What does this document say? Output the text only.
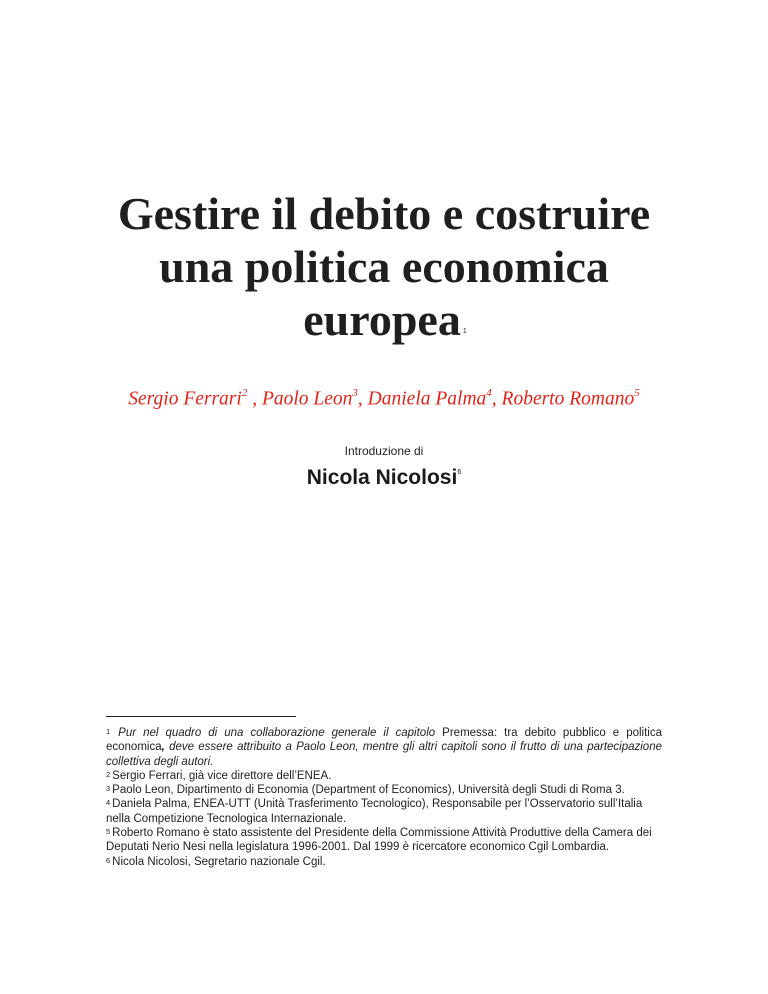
Gestire il debito e costruire
una politica economica
europea $^1$
Sergio Ferrari$^2$ , Paolo Leon$^3$, Daniela Palma$^4$, Roberto Romano$^5$
Introduzione di
Nicola Nicolosi$^6$

$^1$ Pur nel quadro di una collaborazione generale il capitolo Premessa: tra debito pubblico e politica economica, deve essere attribuito a Paolo Leon, mentre gli altri capitoli sono il frutto di una partecipazione collettiva degli autori.

$^2$ Sergio Ferrari, già vice direttore dell’ENEA.

$^3$ Paolo Leon, Dipartimento di Economia (Department of Economics), Università degli Studi di Roma 3.

$^4$ Daniela Palma, ENEA-UTT (Unità Trasferimento Tecnologico), Responsabile per l’Osservatorio sull’Italia nella Competizione Tecnologica Internazionale.

$^5$ Roberto Romano è stato assistente del Presidente della Commissione Attività Produttive della Camera dei Deputati Nerio Nesi nella legislatura 1996-2001. Dal 1999 è ricercatore economico Cgil Lombardia.

$^6$ Nicola Nicolosi, Segretario nazionale Cgil.
